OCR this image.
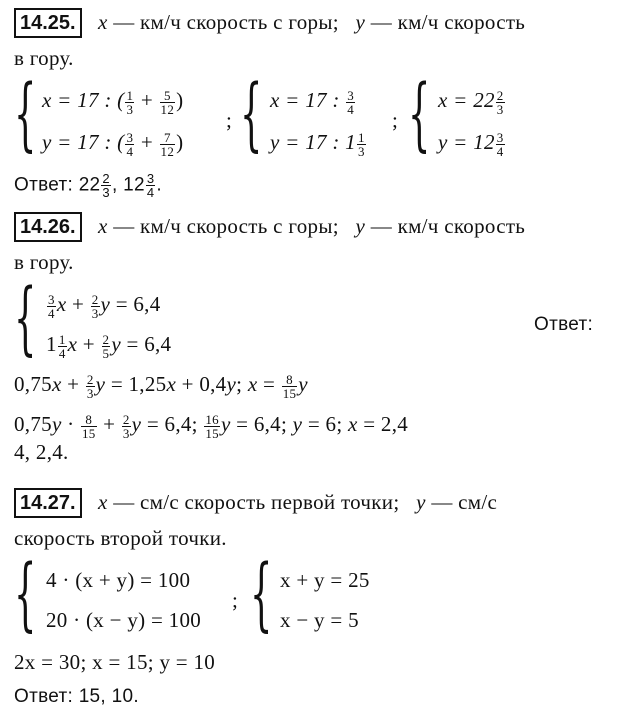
14.25. x — км/ч скорость с горы; y — км/ч скорость
в гору.
{ x = 17 : ( $\frac{1}{3} + \frac{5}{12}$ )
y = 17 : ( $\frac{3}{4} + \frac{7}{12}$ )
; { x = 17 : $\frac{3}{4}$
y = 17 : $1 \frac{1}{3}$
; { $x = 22 \frac{2}{3}$
$y = 12 \frac{3}{4}$
Ответ: $22 \frac{2}{3}$ , $12 \frac{3}{4}$ .
14.26. x — км/ч скорость с горы; y — км/ч скорость
в гору.
{ $\frac{3}{4}$ $x + \frac{2}{3}$ y = 6,4
$1 \frac{1}{4}$ $x + \frac{2}{5}$ y = 6,4
Ответ:
$0,75x + \frac{2}{3}$ y = 1,25x + 0,4y; $x = \frac{8}{15}$ y
$0,75y \cdot \frac{8}{15} + \frac{2}{3}$ y = 6,4; $\frac{16}{15}$ y = 6,4; y = 6; x = 2,4
4, 2,4.
14.27. x — см/с скорость первой точки; y — см/с
скорость второй точки.
{ 4 · (x + y) = 100
20 · (x − y) = 100
; { x + y = 25
x − y = 5
2x = 30; x = 15; y = 10
Ответ: 15, 10.
